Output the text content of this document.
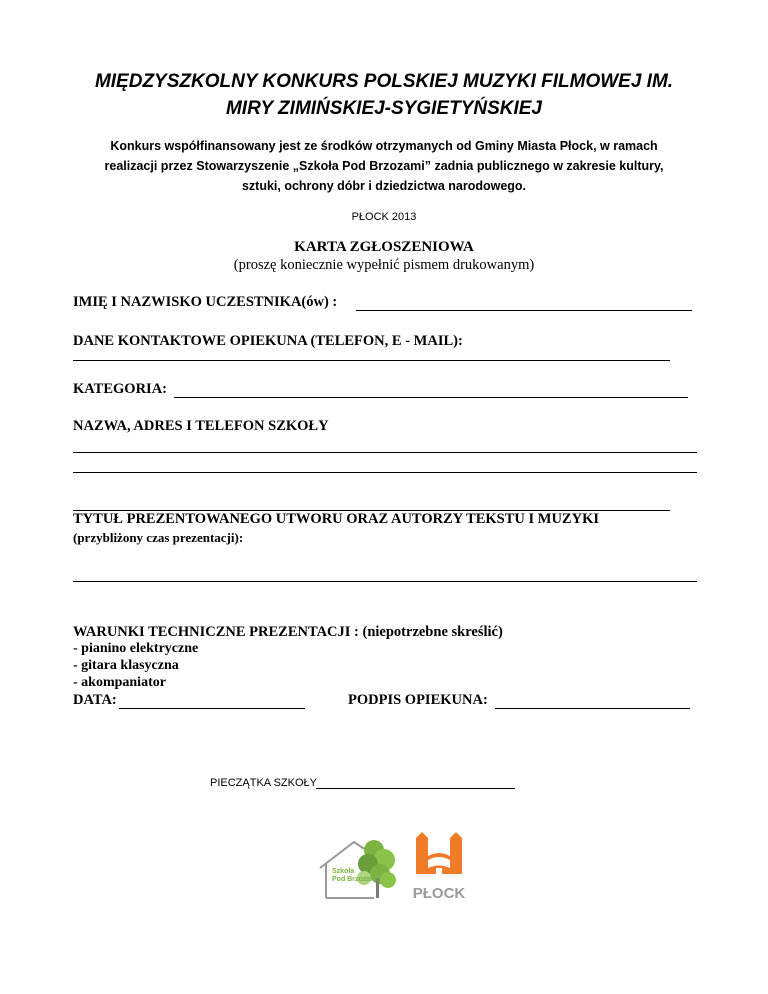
MIĘDZYSZKOLNY KONKURS POLSKIEJ MUZYKI FILMOWEJ IM.
MIRY ZIMIŃSKIEJ-SYGIETYŃSKIEJ
Konkurs współfinansowany jest ze środków otrzymanych od Gminy Miasta Płock, w ramach
realizacji przez Stowarzyszenie „Szkoła Pod Brzozami” zadnia publicznego w zakresie kultury,
sztuki, ochrony dóbr i dziedzictwa narodowego.
PŁOCK 2013
KARTA ZGŁOSZENIOWA
(proszę koniecznie wypełnić pismem drukowanym)
IMIĘ I NAZWISKO UCZESTNIKA(ów) :
DANE KONTAKTOWE OPIEKUNA (TELEFON, E - MAIL):
KATEGORIA:
NAZWA, ADRES I TELEFON SZKOŁY
TYTUŁ PREZENTOWANEGO UTWORU ORAZ AUTORZY TEKSTU I MUZYKI
(przybliżony czas prezentacji):
WARUNKI TECHNICZNE PREZENTACJI : (niepotrzebne skreślić)
- pianino elektryczne
- gitara klasyczna
- akompaniator
DATA:	PODPIS OPIEKUNA:
PIECZĄTKA SZKOŁY
Szkoła
Pod Brzozami
PŁOCK
